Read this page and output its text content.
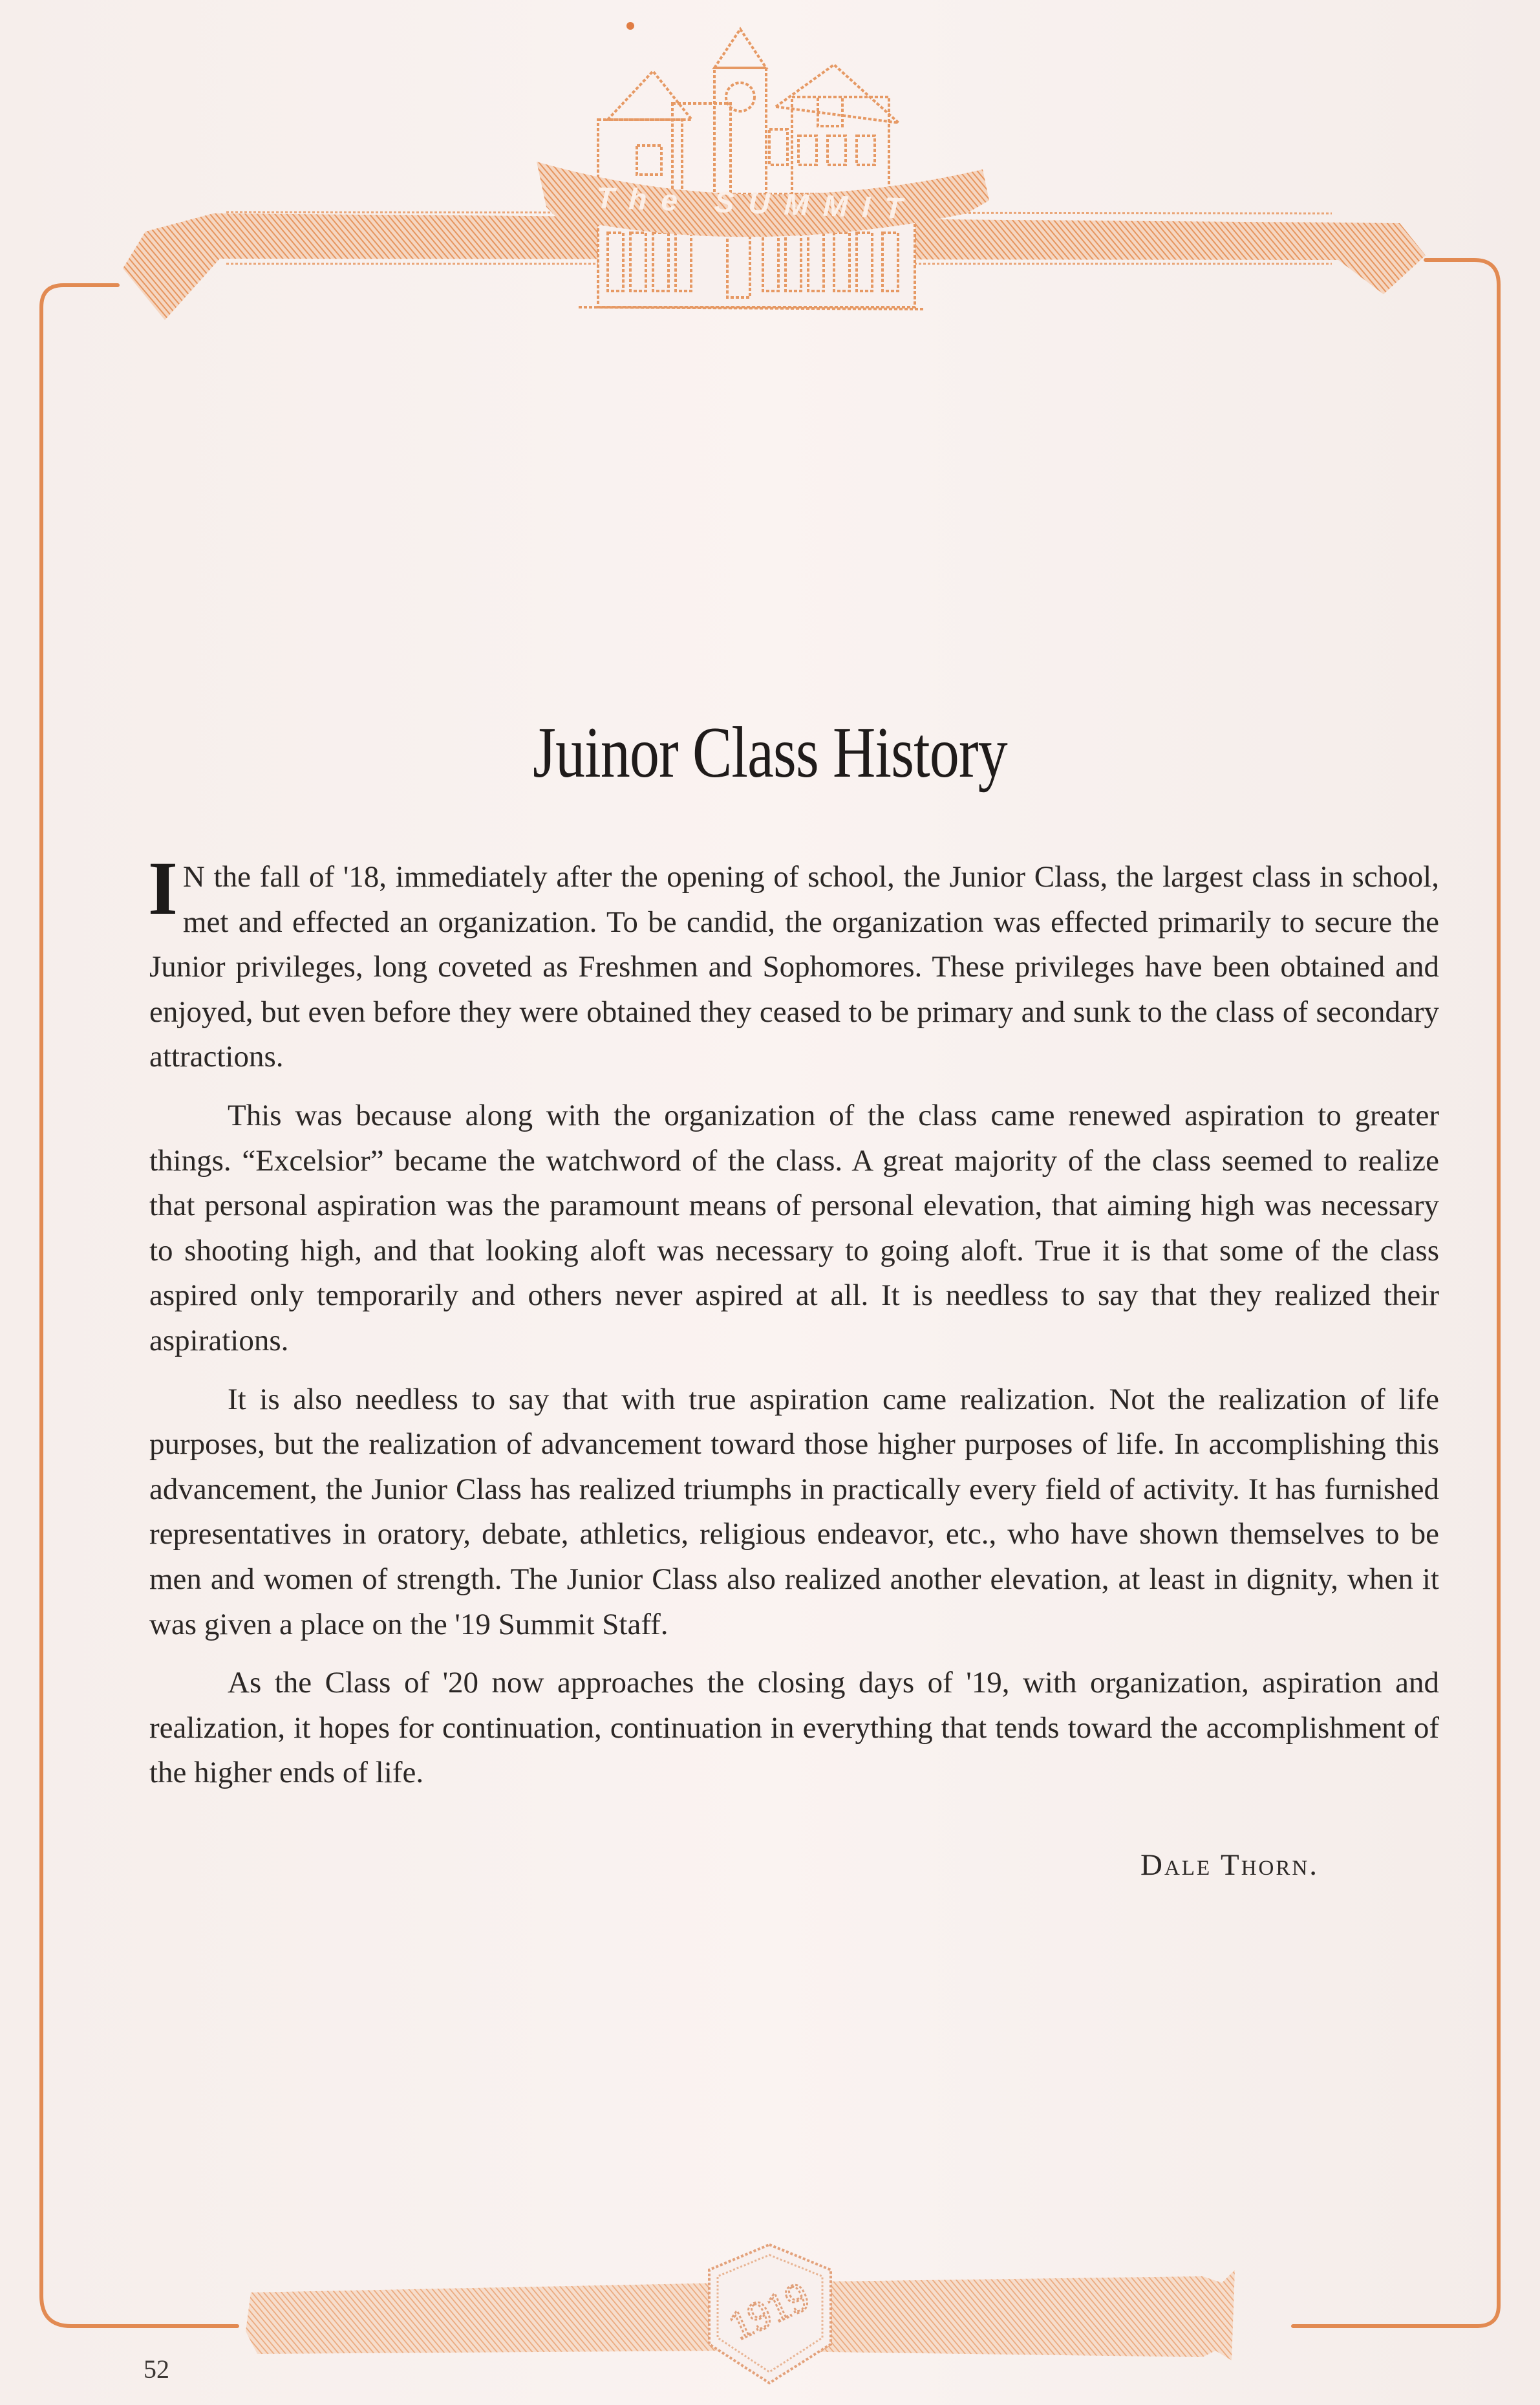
The SUMMIT
1919
Juinor Class History

I N the fall of '18, immediately after the opening of school, the Junior Class, the largest class in school, met and effected an organization. To be candid, the organization was effected primarily to secure the Junior privileges, long coveted as Freshmen and Sophomores. These privileges have been obtained and enjoyed, but even before they were obtained they ceased to be primary and sunk to the class of secondary attractions.

This was because along with the organization of the class came renewed aspiration to greater things. “Excelsior” became the watchword of the class. A great majority of the class seemed to realize that personal aspiration was the paramount means of personal elevation, that aiming high was necessary to shooting high, and that looking aloft was necessary to going aloft. True it is that some of the class aspired only temporarily and others never aspired at all. It is needless to say that they realized their aspirations.

It is also needless to say that with true aspiration came realization. Not the realization of life purposes, but the realization of advancement toward those higher purposes of life. In accomplishing this advancement, the Junior Class has realized triumphs in practically every field of activity. It has furnished representatives in oratory, debate, athletics, religious endeavor, etc., who have shown themselves to be men and women of strength. The Junior Class also realized another elevation, at least in dignity, when it was given a place on the '19 Summit Staff.

As the Class of '20 now approaches the closing days of '19, with organization, aspiration and realization, it hopes for continuation, continuation in everything that tends toward the accomplishment of the higher ends of life.

Dale Thorn.
52
